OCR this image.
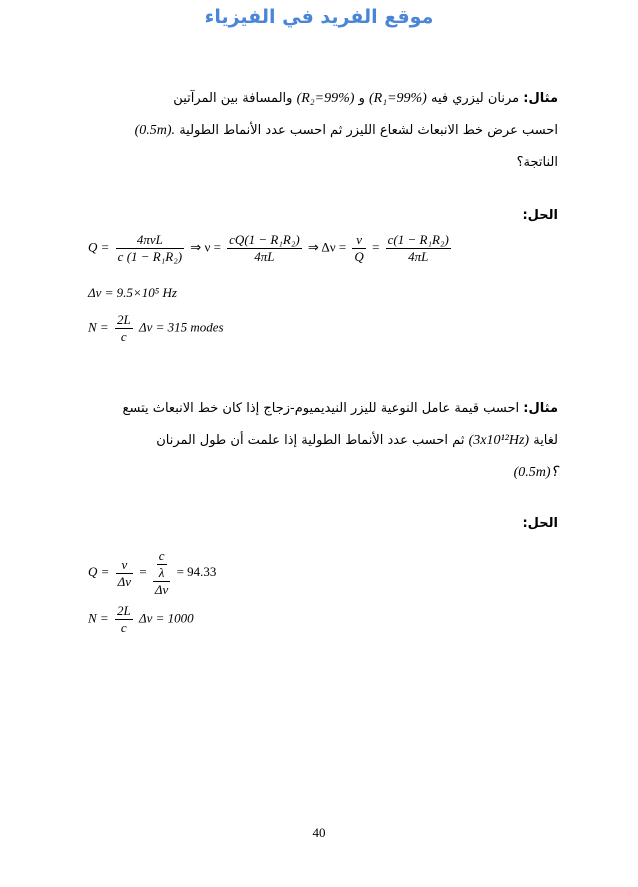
موقع الفريد في الفيزياء
مثال: مرنان ليزري فيه (R₁=99%) و (R₂=99%) والمسافة بين المرآتين
احسب عرض خط الانبعاث لشعاع الليزر ثم احسب عدد الأنماط الطولية (0.5m).
الناتجة؟
الحل:
$Q = \frac{\text{4πνL}}{\text{c (1 − R₁R₂)}}$ ⇒ $\nu = \frac{\text{cQ(1 − R₁R₂)}}{4\pi L}$ ⇒ $\Delta\nu = \frac{\nu}{Q} = \frac{\text{c(1 − R₁R₂)}}{4\pi L}$
Δν = 9.5×10⁵ Hz
$N = \frac{2L}{c}$ Δν = 315 modes
مثال: احسب قيمة عامل النوعية لليزر النيديميوم-زجاج إذا كان خط الانبعاث يتسع
لغاية (3x10¹²Hz) ثم احسب عدد الأنماط الطولية إذا علمت أن طول المرنان
(0.5m)؟
الحل:
$Q = \frac{\nu}{\Delta\nu} = \frac{\frac{c}{\lambda}}{\Delta\nu} = 94.33$
$N = \frac{2L}{c}$ Δν = 1000
40
